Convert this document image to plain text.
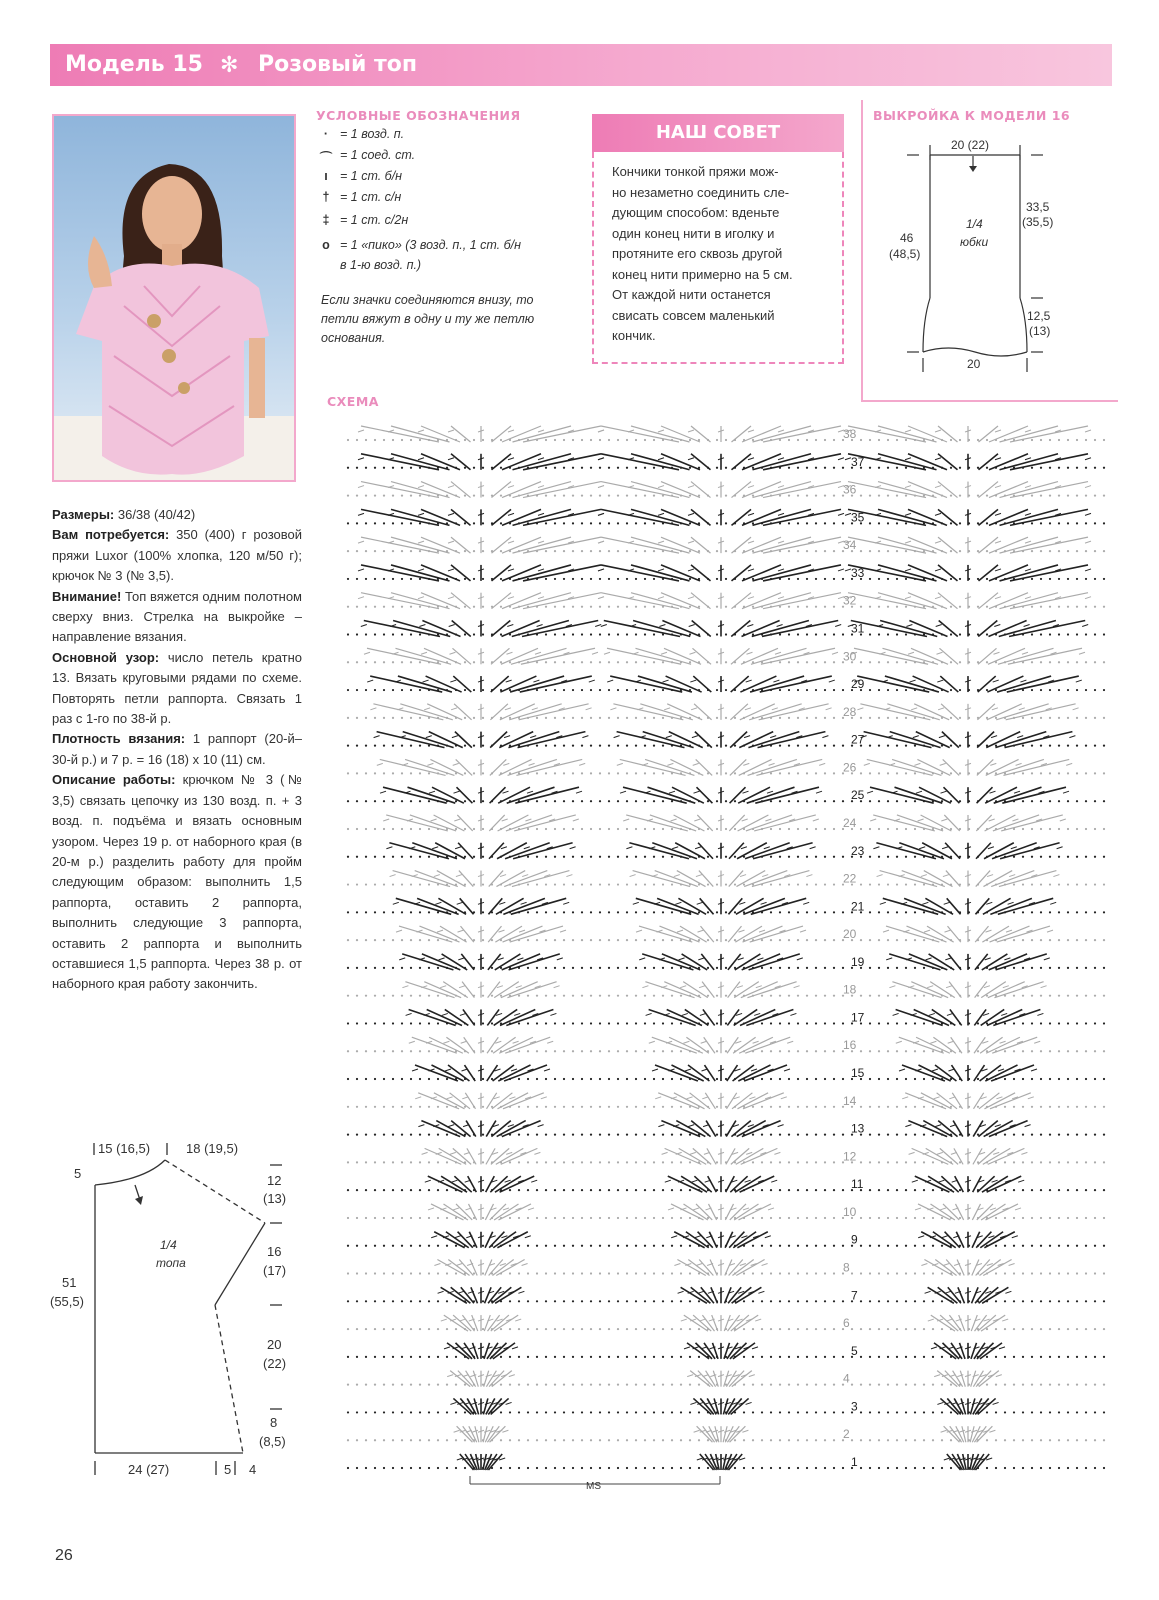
Модель 15 ✻ Розовый топ
УСЛОВНЫЕ ОБОЗНАЧЕНИЯ
· = 1 возд. п.
⌒ = 1 соед. ст.
ı = 1 ст. б/н
† = 1 ст. с/н
‡ = 1 ст. с/2н
o = 1 «пико» (3 возд. п., 1 ст. б/н
в 1-ю возд. п.)
Если значки соединяются внизу, то
петли вяжут в одну и ту же петлю
основания.
НАШ СОВЕТ
Кончики тонкой пряжи мож-
но незаметно соединить сле-
дующим способом: вденьте
один конец нити в иголку и
протяните его сквозь другой
конец нити примерно на 5 см.
От каждой нити останется
свисать совсем маленький
кончик.
ВЫКРОЙКА К МОДЕЛИ 16
20 (22)
46
(48,5)
33,5
(35,5)
12,5
(13)
20
1/4
юбки

Размеры: 36/38 (40/42)

Вам потребуется: 350 (400) г розовой пряжи Luxor (100% хлопка, 120 м/50 г); крючок № 3 (№ 3,5).

Внимание! Топ вяжется одним полотном сверху вниз. Стрелка на выкройке – направление вязания.

Основной узор: число петель кратно 13. Вязать круговыми рядами по схеме. Повторять петли раппорта. Связать 1 раз с 1-го по 38-й р.

Плотность вязания: 1 раппорт (20-й–30-й р.) и 7 р. = 16 (18) х 10 (11) см.

Описание работы: крючком № 3 (№ 3,5) связать цепочку из 130 возд. п. + 3 возд. п. подъёма и вязать основным узором. Через 19 р. от наборного края (в 20-м р.) разделить работу для пройм следующим образом: выполнить 1,5 раппорта, оставить 2 раппорта, выполнить следующие 3 раппорта, оставить 2 раппорта и выполнить оставшиеся 1,5 раппорта. Через 38 р. от наборного края работу закончить.

15 (16,5)	18 (19,5)
5	12
(13)
16
(17)
20
(22)
8
(8,5)
51
(55,5)
24 (27)	5 4
1/4
топа
СХЕМА
38
37
36
35
34
33
32
31
30
29
28
27
26
25
24
23
22
21
20
19
18
17
16
15
14
13
12
11
10
9
8
7
6
5
4
3
2
1
MS
26
